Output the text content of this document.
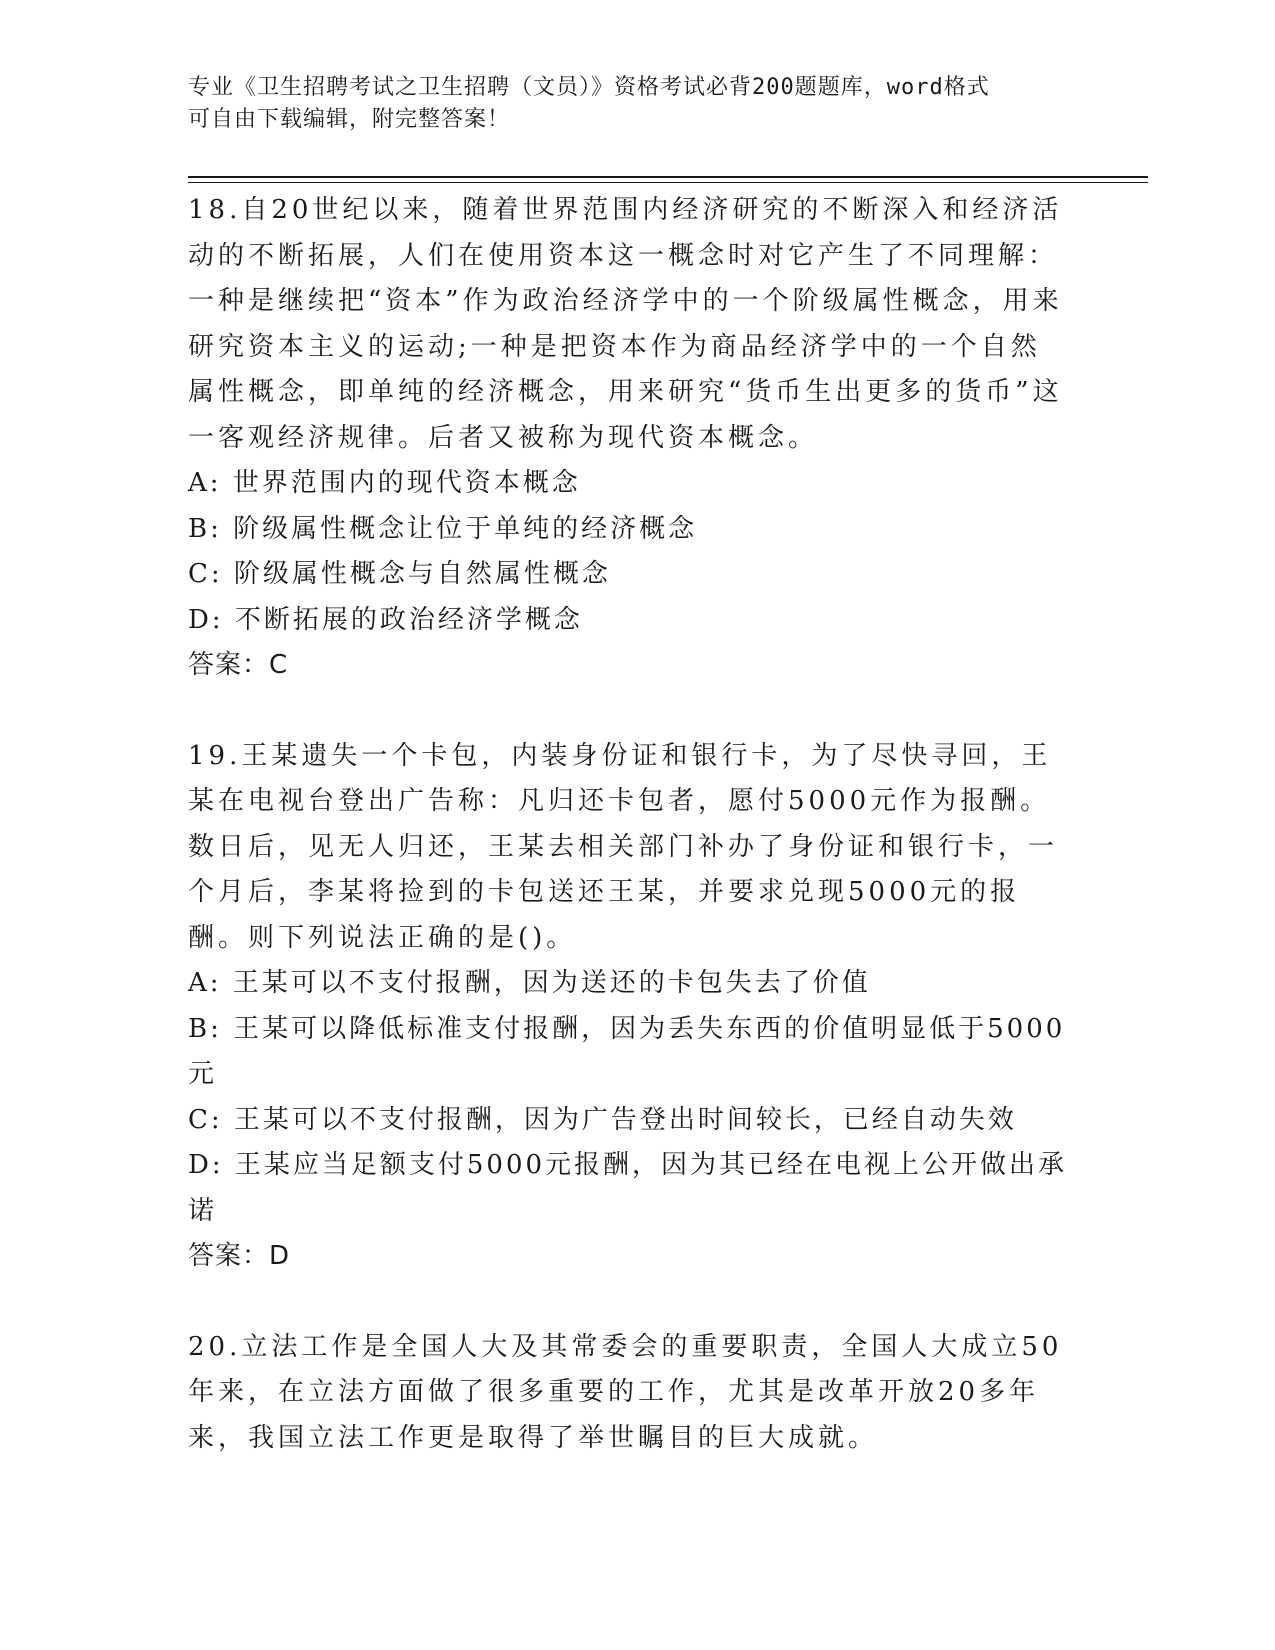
专业《卫生招聘考试之卫生招聘（文员）》资格考试必背200题题库，word格式
可自由下载编辑，附完整答案！

18.自20世纪以来，随着世界范围内经济研究的不断深入和经济活动的不断拓展，人们在使用资本这一概念时对它产生了不同理解：一种是继续把“资本”作为政治经济学中的一个阶级属性概念，用来研究资本主义的运动;一种是把资本作为商品经济学中的一个自然属性概念，即单纯的经济概念，用来研究“货币生出更多的货币”这一客观经济规律。后者又被称为现代资本概念。

A: 世界范围内的现代资本概念

B: 阶级属性概念让位于单纯的经济概念

C: 阶级属性概念与自然属性概念

D: 不断拓展的政治经济学概念

答案：C

19.王某遗失一个卡包，内装身份证和银行卡，为了尽快寻回，王某在电视台登出广告称：凡归还卡包者，愿付5000元作为报酬。数日后，见无人归还，王某去相关部门补办了身份证和银行卡，一个月后，李某将捡到的卡包送还王某，并要求兑现5000元的报酬。则下列说法正确的是()。

A: 王某可以不支付报酬，因为送还的卡包失去了价值

B: 王某可以降低标准支付报酬，因为丢失东西的价值明显低于5000元

C: 王某可以不支付报酬，因为广告登出时间较长，已经自动失效

D: 王某应当足额支付5000元报酬，因为其已经在电视上公开做出承诺

答案：D

20.立法工作是全国人大及其常委会的重要职责，全国人大成立50年来，在立法方面做了很多重要的工作，尤其是改革开放20多年来，我国立法工作更是取得了举世瞩目的巨大成就。
